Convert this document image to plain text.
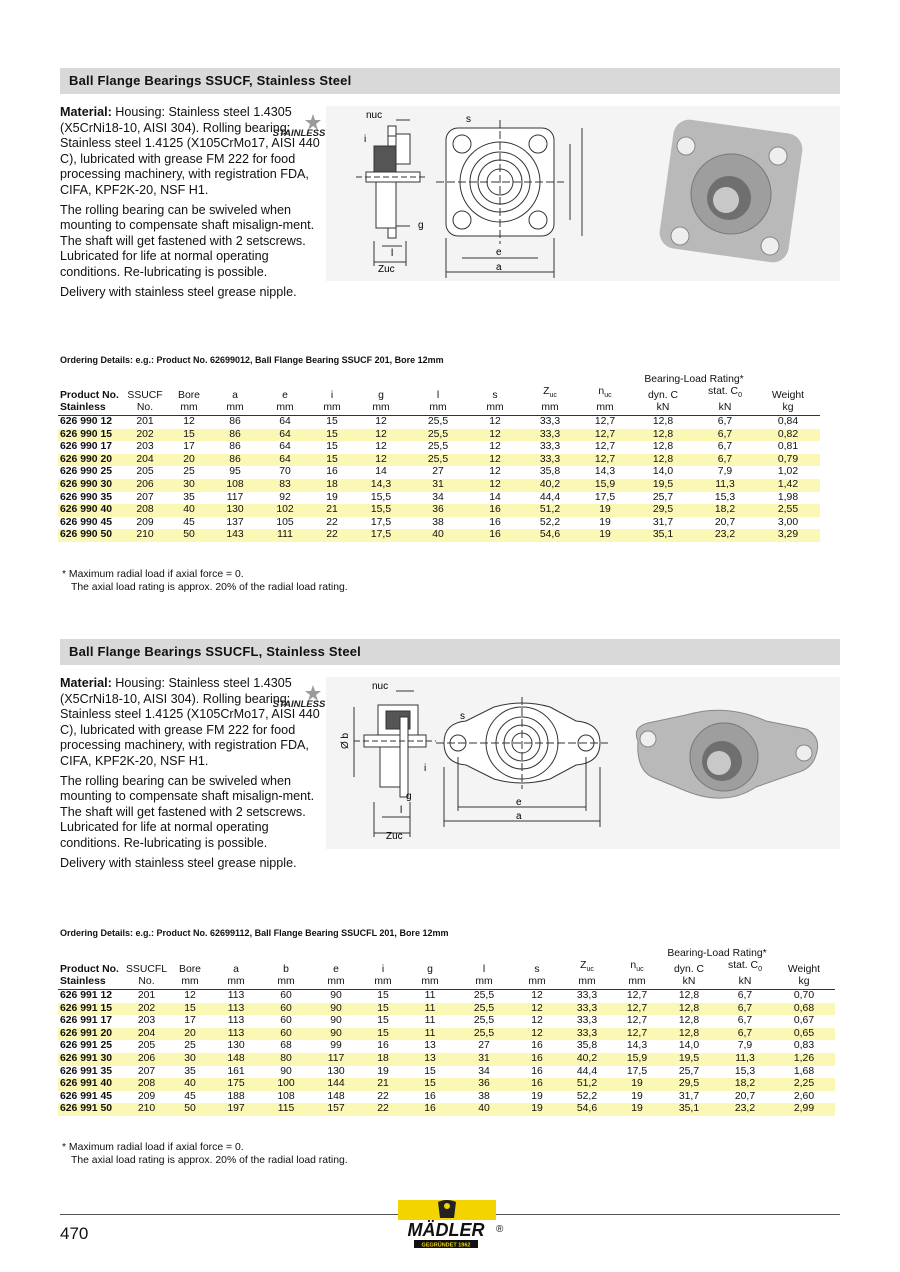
Ball Flange Bearings SSUCF, Stainless Steel

Material: Housing: Stainless steel 1.4305 (X5CrNi18-10, AISI 304). Rolling bearing: Stainless steel 1.4125 (X105CrMo17, AISI 440 C), lubricated with grease FM 222 for food processing machinery, with registration FDA, CIFA, KPF2K-20, NSF H1.

The rolling bearing can be swiveled when mounting to compensate shaft misalign-ment. The shaft will get fastened with 2 setscrews. Lubricated for life at normal operating conditions. Re-lubricating is possible.

Delivery with stainless steel grease nipple.

STAINLESS
nuc
i
g
l
Zuc
s
e
a
Ordering Details: e.g.: Product No. 62699012, Ball Flange Bearing SSUCF 201, Bore 12mm
											Bearing-Load Rating*		
Product No.	SSUCF	Bore	a	e	i	g	l	s	$Z_{uc}$	$n_{uc}$	dyn. C	stat. $C_0$	Weight
Stainless	No.	mm	mm	mm	mm	mm	mm	mm	mm	mm	kN	kN	kg
626 990 12	201	12	86	64	15	12	25,5	12	33,3	12,7	12,8	6,7	0,84
626 990 15	202	15	86	64	15	12	25,5	12	33,3	12,7	12,8	6,7	0,82
626 990 17	203	17	86	64	15	12	25,5	12	33,3	12,7	12,8	6,7	0,81
626 990 20	204	20	86	64	15	12	25,5	12	33,3	12,7	12,8	6,7	0,79
626 990 25	205	25	95	70	16	14	27	12	35,8	14,3	14,0	7,9	1,02
626 990 30	206	30	108	83	18	14,3	31	12	40,2	15,9	19,5	11,3	1,42
626 990 35	207	35	117	92	19	15,5	34	14	44,4	17,5	25,7	15,3	1,98
626 990 40	208	40	130	102	21	15,5	36	16	51,2	19	29,5	18,2	2,55
626 990 45	209	45	137	105	22	17,5	38	16	52,2	19	31,7	20,7	3,00
626 990 50	210	50	143	111	22	17,5	40	16	54,6	19	35,1	23,2	3,29
* Maximum radial load if axial force = 0.
The axial load rating is approx. 20% of the radial load rating.
Ball Flange Bearings SSUCFL, Stainless Steel

Material: Housing: Stainless steel 1.4305 (X5CrNi18-10, AISI 304). Rolling bearing: Stainless steel 1.4125 (X105CrMo17, AISI 440 C), lubricated with grease FM 222 for food processing machinery, with registration FDA, CIFA, KPF2K-20, NSF H1.

The rolling bearing can be swiveled when mounting to compensate shaft misalign-ment. The shaft will get fastened with 2 setscrews. Lubricated for life at normal operating conditions. Re-lubricating is possible.

Delivery with stainless steel grease nipple.

STAINLESS
nuc
Ø b
i
g
l
Zuc
s
e
a
Ordering Details: e.g.: Product No. 62699112, Ball Flange Bearing SSUCFL 201, Bore 12mm
												Bearing-Load Rating*		
Product No.	SSUCFL	Bore	a	b	e	i	g	l	s	$Z_{uc}$	$n_{uc}$	dyn. C	stat. $C_0$	Weight
Stainless	No.	mm	mm	mm	mm	mm	mm	mm	mm	mm	mm	kN	kN	kg
626 991 12	201	12	113	60	90	15	11	25,5	12	33,3	12,7	12,8	6,7	0,70
626 991 15	202	15	113	60	90	15	11	25,5	12	33,3	12,7	12,8	6,7	0,68
626 991 17	203	17	113	60	90	15	11	25,5	12	33,3	12,7	12,8	6,7	0,67
626 991 20	204	20	113	60	90	15	11	25,5	12	33,3	12,7	12,8	6,7	0,65
626 991 25	205	25	130	68	99	16	13	27	16	35,8	14,3	14,0	7,9	0,83
626 991 30	206	30	148	80	117	18	13	31	16	40,2	15,9	19,5	11,3	1,26
626 991 35	207	35	161	90	130	19	15	34	16	44,4	17,5	25,7	15,3	1,68
626 991 40	208	40	175	100	144	21	15	36	16	51,2	19	29,5	18,2	2,25
626 991 45	209	45	188	108	148	22	16	38	19	52,2	19	31,7	20,7	2,60
626 991 50	210	50	197	115	157	22	16	40	19	54,6	19	35,1	23,2	2,99
* Maximum radial load if axial force = 0.
The axial load rating is approx. 20% of the radial load rating.
470	MÄDLER
GEGRÜNDET 1962
®
